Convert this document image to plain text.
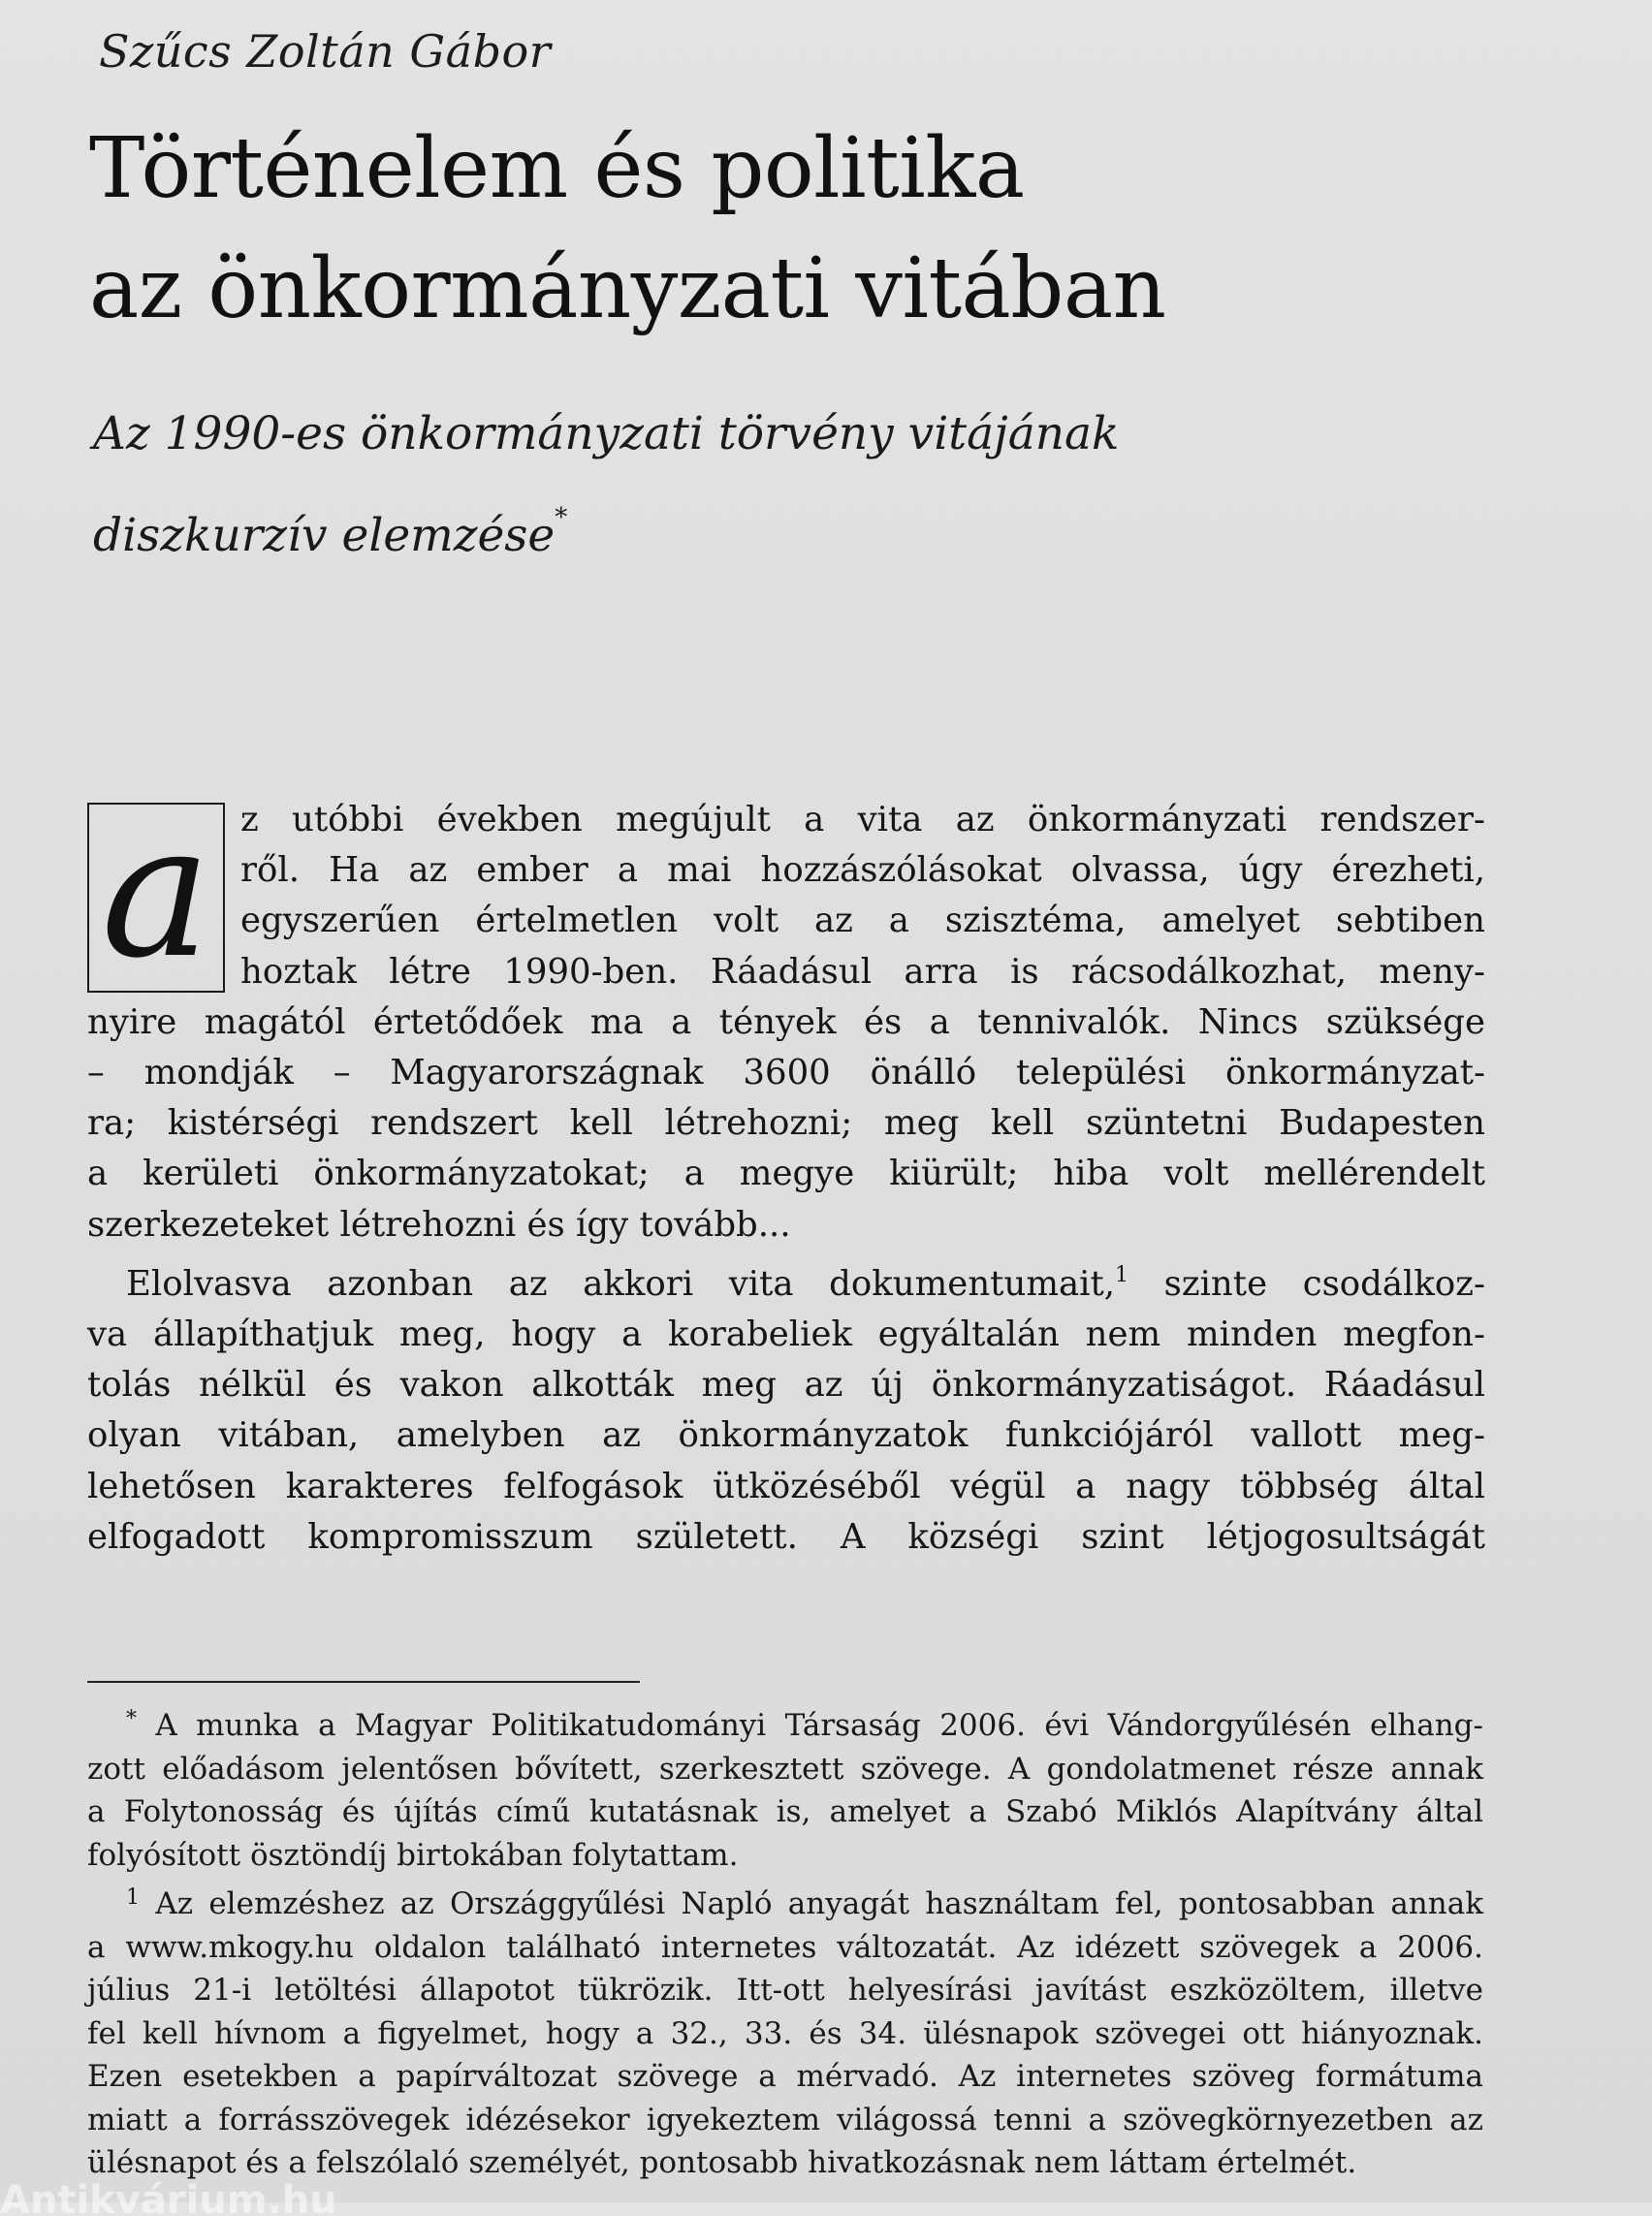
Szűcs Zoltán Gábor
Történelem és politika
az önkormányzati vitában
Az 1990-es önkormányzati törvény vitájának
diszkurzív elemzése*
a z utóbbi években megújult a vita az önkormányzati rendszer-
ről. Ha az ember a mai hozzászólásokat olvassa, úgy érezheti,
egyszerűen értelmetlen volt az a szisztéma, amelyet sebtiben
hoztak létre 1990-ben. Ráadásul arra is rácsodálkozhat, meny-
nyire magától értetődőek ma a tények és a tennivalók. Nincs szüksége
– mondják – Magyarországnak 3600 önálló települési önkormányzat-
ra; kistérségi rendszert kell létrehozni; meg kell szüntetni Budapesten
a kerületi önkormányzatokat; a megye kiürült; hiba volt mellérendelt
szerkezeteket létrehozni és így tovább...
Elolvasva azonban az akkori vita dokumentumait,$^1$ szinte csodálkoz-
va állapíthatjuk meg, hogy a korabeliek egyáltalán nem minden megfon-
tolás nélkül és vakon alkották meg az új önkormányzatiságot. Ráadásul
olyan vitában, amelyben az önkormányzatok funkciójáról vallott meg-
lehetősen karakteres felfogások ütközéséből végül a nagy többség által
elfogadott kompromisszum született. A községi szint létjogosultságát
* A munka a Magyar Politikatudományi Társaság 2006. évi Vándorgyűlésén elhang-
zott előadásom jelentősen bővített, szerkesztett szövege. A gondolatmenet része annak
a Folytonosság és újítás című kutatásnak is, amelyet a Szabó Miklós Alapítvány által
folyósított ösztöndíj birtokában folytattam.
$^1$ Az elemzéshez az Országgyűlési Napló anyagát használtam fel, pontosabban annak
a www.mkogy.hu oldalon található internetes változatát. Az idézett szövegek a 2006.
július 21-i letöltési állapotot tükrözik. Itt-ott helyesírási javítást eszközöltem, illetve
fel kell hívnom a figyelmet, hogy a 32., 33. és 34. ülésnapok szövegei ott hiányoznak.
Ezen esetekben a papírváltozat szövege a mérvadó. Az internetes szöveg formátuma
miatt a forrásszövegek idézésekor igyekeztem világossá tenni a szövegkörnyezetben az
ülésnapot és a felszólaló személyét, pontosabb hivatkozásnak nem láttam értelmét.
Antikvárium.hu
